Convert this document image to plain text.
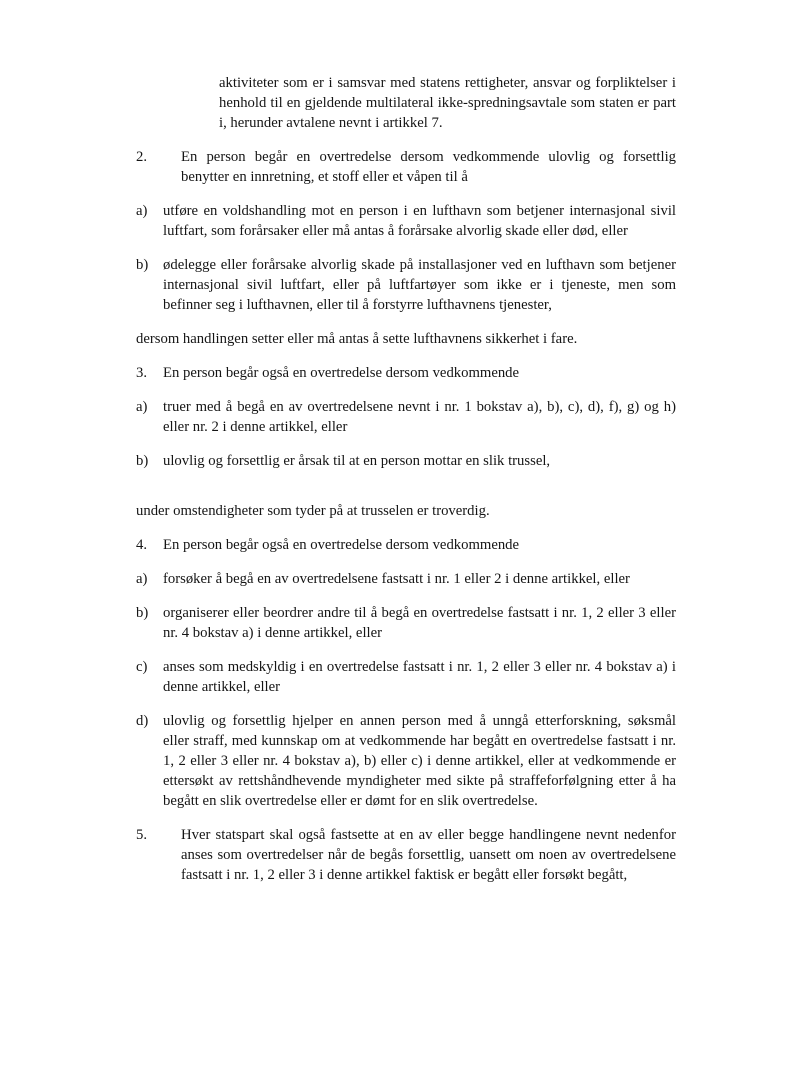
aktiviteter som er i samsvar med statens rettigheter, ansvar og forpliktelser i
henhold til en gjeldende multilateral ikke-spredningsavtale som staten er part
i, herunder avtalene nevnt i artikkel 7.
2. En person begår en overtredelse dersom vedkommende ulovlig og forsettlig
benytter en innretning, et stoff eller et våpen til å
a) utføre en voldshandling mot en person i en lufthavn som betjener internasjonal sivil
luftfart, som forårsaker eller må antas å forårsake alvorlig skade eller død, eller
b) ødelegge eller forårsake alvorlig skade på installasjoner ved en lufthavn som betjener
internasjonal sivil luftfart, eller på luftfartøyer som ikke er i tjeneste, men som
befinner seg i lufthavnen, eller til å forstyrre lufthavnens tjenester,
dersom handlingen setter eller må antas å sette lufthavnens sikkerhet i fare.
3. En person begår også en overtredelse dersom vedkommende
a) truer med å begå en av overtredelsene nevnt i nr. 1 bokstav a), b), c), d), f), g) og h)
eller nr. 2 i denne artikkel, eller
b) ulovlig og forsettlig er årsak til at en person mottar en slik trussel,
under omstendigheter som tyder på at trusselen er troverdig.
4. En person begår også en overtredelse dersom vedkommende
a) forsøker å begå en av overtredelsene fastsatt i nr. 1 eller 2 i denne artikkel, eller
b) organiserer eller beordrer andre til å begå en overtredelse fastsatt i nr. 1, 2 eller 3 eller
nr. 4 bokstav a) i denne artikkel, eller
c) anses som medskyldig i en overtredelse fastsatt i nr. 1, 2 eller 3 eller nr. 4 bokstav a) i
denne artikkel, eller
d) ulovlig og forsettlig hjelper en annen person med å unngå etterforskning, søksmål
eller straff, med kunnskap om at vedkommende har begått en overtredelse fastsatt i nr.
1, 2 eller 3 eller nr. 4 bokstav a), b) eller c) i denne artikkel, eller at vedkommende er
ettersøkt av rettshåndhevende myndigheter med sikte på straffeforfølgning etter å ha
begått en slik overtredelse eller er dømt for en slik overtredelse.
5. Hver statspart skal også fastsette at en av eller begge handlingene nevnt nedenfor
anses som overtredelser når de begås forsettlig, uansett om noen av overtredelsene
fastsatt i nr. 1, 2 eller 3 i denne artikkel faktisk er begått eller forsøkt begått,
